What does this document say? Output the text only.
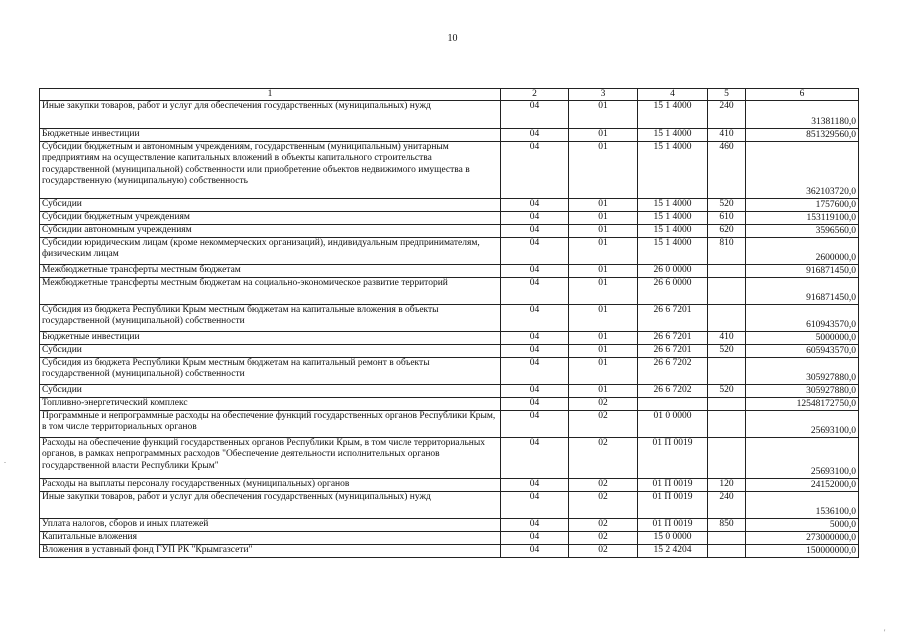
10
1	2	3	4	5	6
Иные закупки товаров, работ и услуг для обеспечения государственных (муниципальных) нужд	04	01	15 1 4000	240	31381180,0
Бюджетные инвестиции	04	01	15 1 4000	410	851329560,0
Субсидии бюджетным и автономным учреждениям, государственным (муниципальным) унитарным предприятиям на осуществление капитальных вложений в объекты капитального строительства государственной (муниципальной) собственности или приобретение объектов недвижимого имущества в государственную (муниципальную) собственность	04	01	15 1 4000	460	362103720,0
Субсидии	04	01	15 1 4000	520	1757600,0
Субсидии бюджетным учреждениям	04	01	15 1 4000	610	153119100,0
Субсидии автономным учреждениям	04	01	15 1 4000	620	3596560,0
Субсидии юридическим лицам (кроме некоммерческих организаций), индивидуальным предпринимателям, физическим лицам	04	01	15 1 4000	810	2600000,0
Межбюджетные трансферты местным бюджетам	04	01	26 0 0000		916871450,0
Межбюджетные трансферты местным бюджетам на социально-экономическое развитие территорий	04	01	26 6 0000		916871450,0
Субсидия из бюджета Республики Крым местным бюджетам на капитальные вложения в объекты государственной (муниципальной) собственности	04	01	26 6 7201		610943570,0
Бюджетные инвестиции	04	01	26 6 7201	410	5000000,0
Субсидии	04	01	26 6 7201	520	605943570,0
Субсидия из бюджета Республики Крым местным бюджетам на капитальный ремонт в объекты государственной (муниципальной) собственности	04	01	26 6 7202		305927880,0
Субсидии	04	01	26 6 7202	520	305927880,0
Топливно-энергетический комплекс	04	02			12548172750,0
Программные и непрограммные расходы на обеспечение функций государственных органов Республики Крым, в том числе территориальных органов	04	02	01 0 0000		25693100,0
Расходы на обеспечение функций государственных органов Республики Крым, в том числе территориальных органов, в рамках непрограммных расходов "Обеспечение деятельности исполнительных органов государственной власти Республики Крым"	04	02	01 П 0019		25693100,0
Расходы на выплаты персоналу государственных (муниципальных) органов	04	02	01 П 0019	120	24152000,0
Иные закупки товаров, работ и услуг для обеспечения государственных (муниципальных) нужд	04	02	01 П 0019	240	1536100,0
Уплата налогов, сборов и иных платежей	04	02	01 П 0019	850	5000,0
Капитальные вложения	04	02	15 0 0000		273000000,0
Вложения в уставный фонд ГУП РК "Крымгазсети"	04	02	15 2 4204		150000000,0
.
'
